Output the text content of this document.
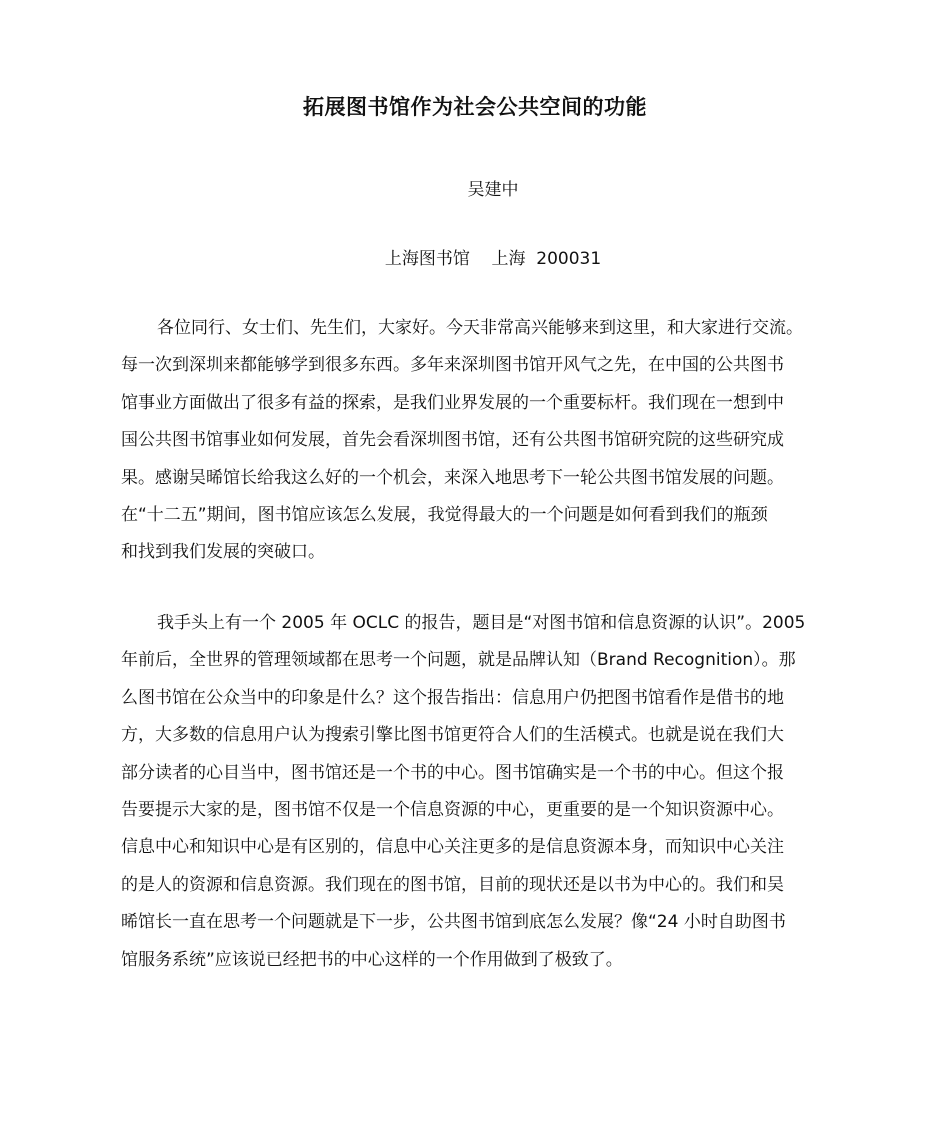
拓展图书馆作为社会公共空间的功能
吴建中
上海图书馆    上海  200031
各位同行、女士们、先生们，大家好。今天非常高兴能够来到这里，和大家进行交流。
每一次到深圳来都能够学到很多东西。多年来深圳图书馆开风气之先，在中国的公共图书
馆事业方面做出了很多有益的探索，是我们业界发展的一个重要标杆。我们现在一想到中
国公共图书馆事业如何发展，首先会看深圳图书馆，还有公共图书馆研究院的这些研究成
果。感谢吴晞馆长给我这么好的一个机会，来深入地思考下一轮公共图书馆发展的问题。
在“十二五”期间，图书馆应该怎么发展，我觉得最大的一个问题是如何看到我们的瓶颈
和找到我们发展的突破口。
我手头上有一个 2005 年 OCLC 的报告，题目是“对图书馆和信息资源的认识”。2005
年前后，全世界的管理领域都在思考一个问题，就是品牌认知（Brand Recognition）。那
么图书馆在公众当中的印象是什么？这个报告指出：信息用户仍把图书馆看作是借书的地
方，大多数的信息用户认为搜索引擎比图书馆更符合人们的生活模式。也就是说在我们大
部分读者的心目当中，图书馆还是一个书的中心。图书馆确实是一个书的中心。但这个报
告要提示大家的是，图书馆不仅是一个信息资源的中心，更重要的是一个知识资源中心。
信息中心和知识中心是有区别的，信息中心关注更多的是信息资源本身，而知识中心关注
的是人的资源和信息资源。我们现在的图书馆，目前的现状还是以书为中心的。我们和吴
晞馆长一直在思考一个问题就是下一步，公共图书馆到底怎么发展？像“24 小时自助图书
馆服务系统”应该说已经把书的中心这样的一个作用做到了极致了。
